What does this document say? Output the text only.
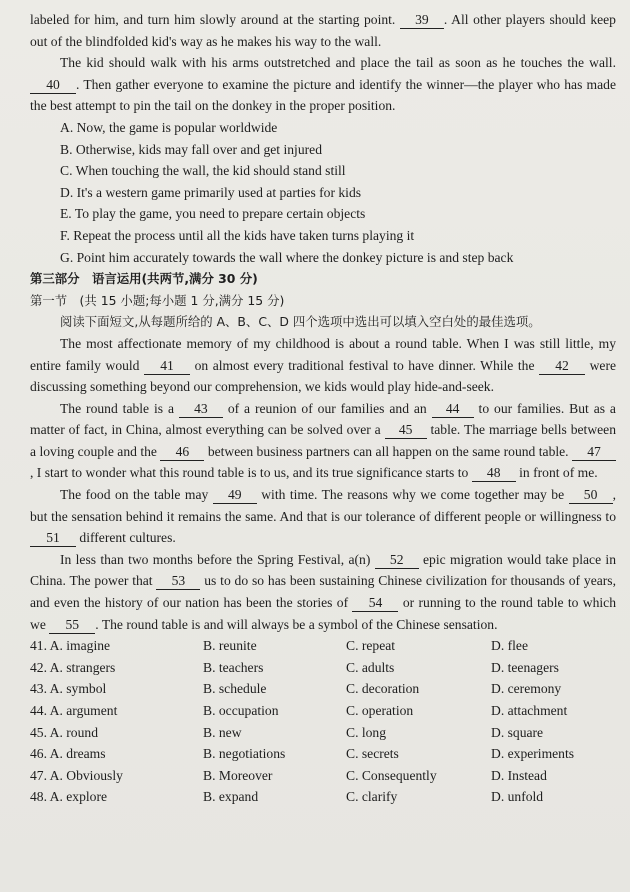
labeled for him, and turn him slowly around at the starting point. 39 . All other players should keep out of the blindfolded kid's way as he makes his way to the wall.

The kid should walk with his arms outstretched and place the tail as soon as he touches the wall. 40 . Then gather everyone to examine the picture and identify the winner—the player who has made the best attempt to pin the tail on the donkey in the proper position.

A. Now, the game is popular worldwide

B. Otherwise, kids may fall over and get injured

C. When touching the wall, the kid should stand still

D. It's a western game primarily used at parties for kids

E. To play the game, you need to prepare certain objects

F. Repeat the process until all the kids have taken turns playing it

G. Point him accurately towards the wall where the donkey picture is and step back

第三部分　语言运用(共两节,满分 30 分)

第一节　(共 15 小题;每小题 1 分,满分 15 分)

阅读下面短文,从每题所给的 A、B、C、D 四个选项中选出可以填入空白处的最佳选项。

The most affectionate memory of my childhood is about a round table. When I was still little, my entire family would 41 on almost every traditional festival to have dinner. While the 42 were discussing something beyond our comprehension, we kids would play hide-and-seek.

The round table is a 43 of a reunion of our families and an 44 to our families. But as a matter of fact, in China, almost everything can be solved over a 45 table. The marriage bells between a loving couple and the 46 between business partners can all happen on the same round table. 47, I start to wonder what this round table is to us, and its true significance starts to 48 in front of me.

The food on the table may 49 with time. The reasons why we come together may be 50 , but the sensation behind it remains the same. And that is our tolerance of different people or willingness to 51 different cultures.

In less than two months before the Spring Festival, a(n) 52 epic migration would take place in China. The power that 53 us to do so has been sustaining Chinese civilization for thousands of years, and even the history of our nation has been the stories of 54 or running to the round table to which we 55 . The round table is and will always be a symbol of the Chinese sensation.

41. A. imagine	B. reunite	C. repeat	D. flee
42. A. strangers	B. teachers	C. adults	D. teenagers
43. A. symbol	B. schedule	C. decoration	D. ceremony
44. A. argument	B. occupation	C. operation	D. attachment
45. A. round	B. new	C. long	D. square
46. A. dreams	B. negotiations	C. secrets	D. experiments
47. A. Obviously	B. Moreover	C. Consequently	D. Instead
48. A. explore	B. expand	C. clarify	D. unfold
